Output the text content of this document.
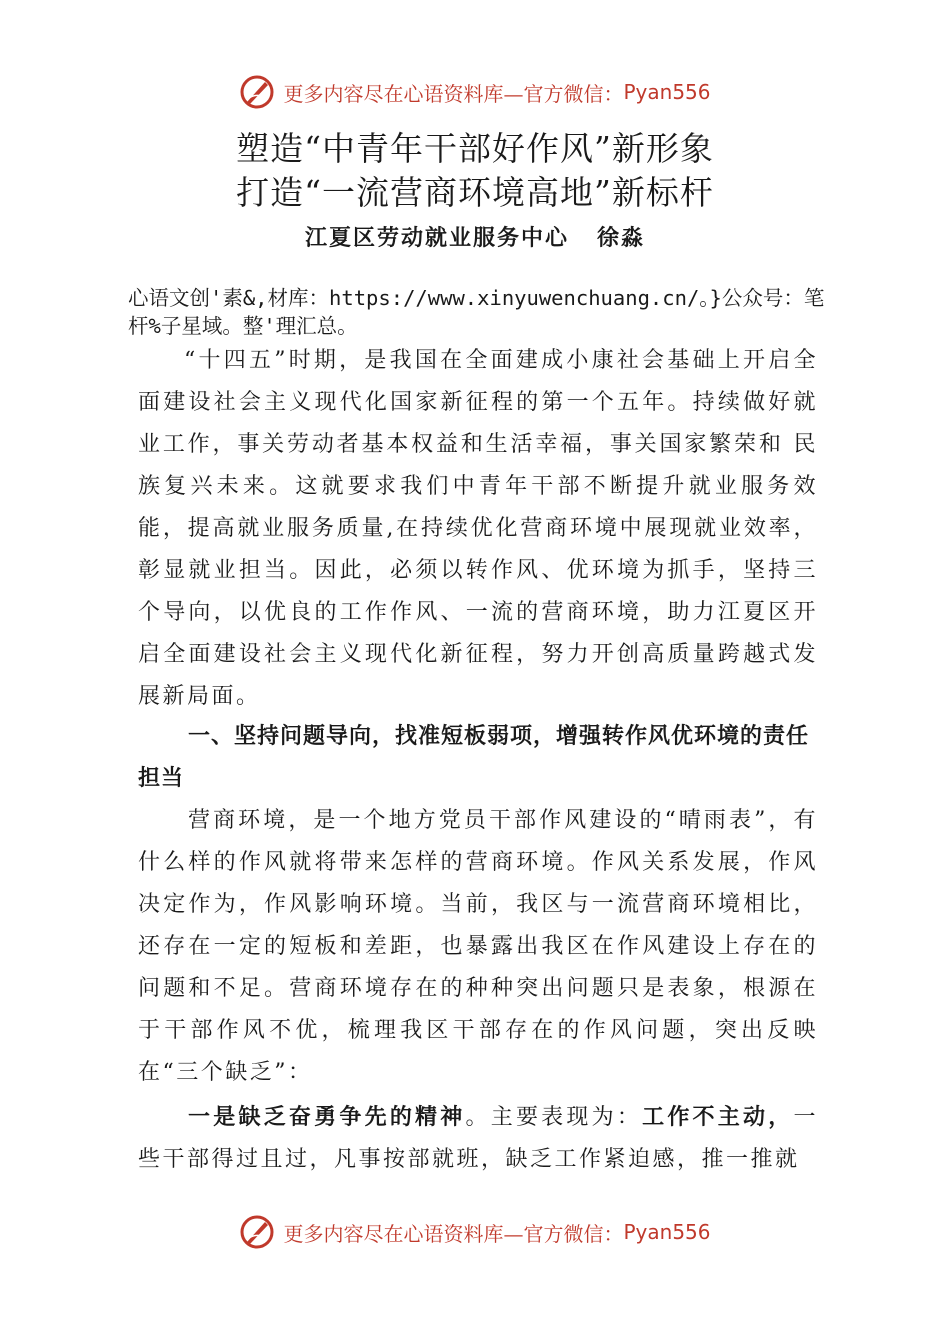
更多内容尽在心语资料库—官方微信： Pyan556
塑造“中青年干部好作风”新形象
打造“一流营商环境高地”新标杆
江夏区劳动就业服务中心 徐淼
心语文创'素&,材库：https://www.xinyuwenchuang.cn/。}公众号：笔杆%子星域。整'理汇总。
“十四五”时期，是我国在全面建成小康社会基础上开启全面建设社会主义现代化国家新征程的第一个五年。持续做好就业工作，事关劳动者基本权益和生活幸福，事关国家繁荣和 民族复兴未来。这就要求我们中青年干部不断提升就业服务效能，提高就业服务质量,在持续优化营商环境中展现就业效率，彰显就业担当。因此，必须以转作风、优环境为抓手，坚持三个导向，以优良的工作作风、一流的营商环境，助力江夏区开启全面建设社会主义现代化新征程，努力开创高质量跨越式发展新局面。
一、坚持问题导向，找准短板弱项，增强转作风优环境的责任担当
营商环境，是一个地方党员干部作风建设的“晴雨表”，有什么样的作风就将带来怎样的营商环境。作风关系发展，作风决定作为，作风影响环境。当前，我区与一流营商环境相比，还存在一定的短板和差距，也暴露出我区在作风建设上存在的问题和不足。营商环境存在的种种突出问题只是表象，根源在于干部作风不优，梳理我区干部存在的作风问题，突出反映在“三个缺乏”：
一是缺乏奋勇争先的精神。主要表现为：工作不主动，一些干部得过且过，凡事按部就班，缺乏工作紧迫感，推一推就
更多内容尽在心语资料库—官方微信： Pyan556
